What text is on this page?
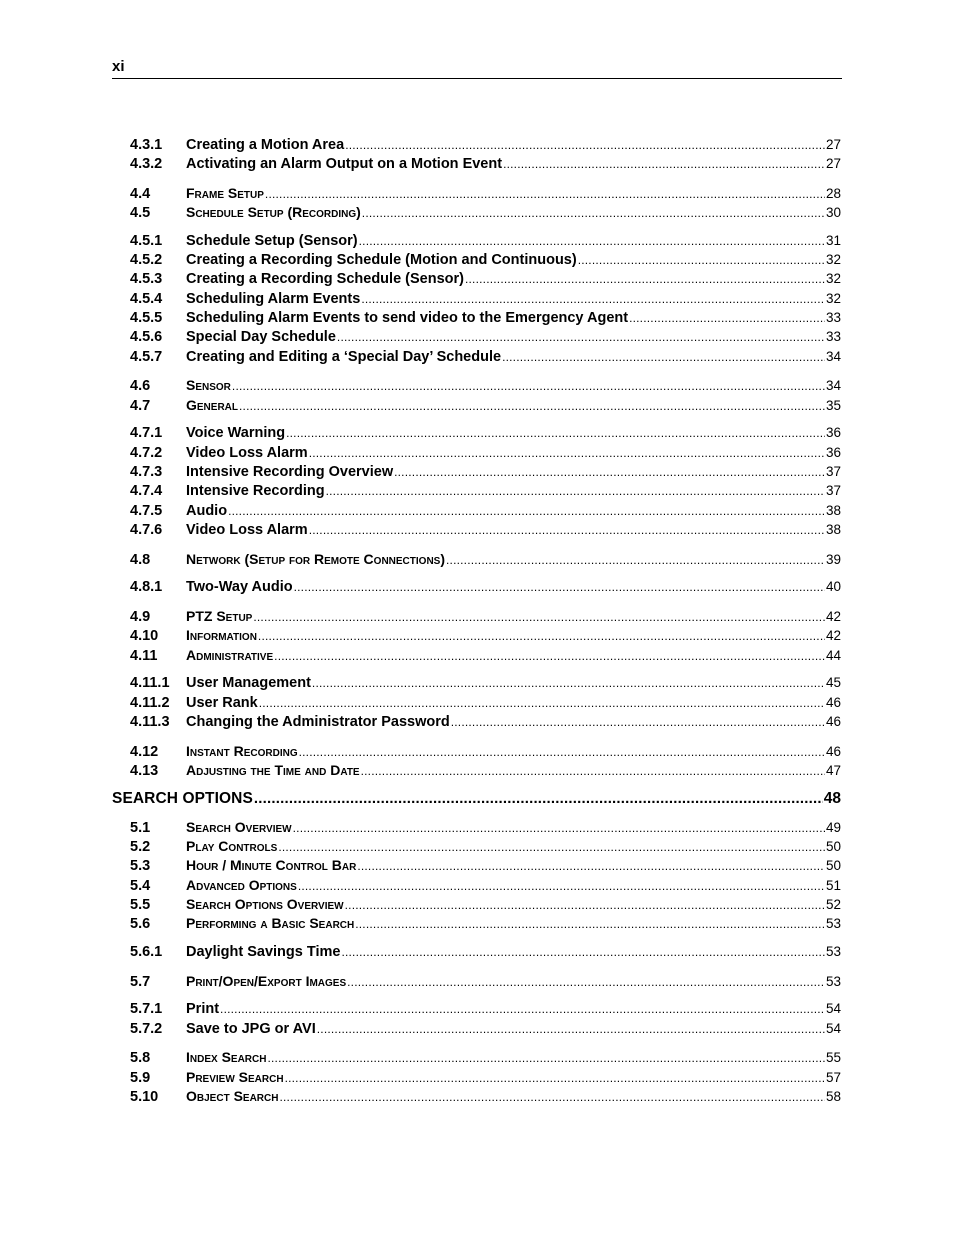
xi
4.3.1	Creating a Motion Area .....	27
4.3.2	Activating an Alarm Output on a Motion Event .....	27
4.4	Frame Setup .....	28
4.5	Schedule Setup (Recording) .....	30
4.5.1	Schedule Setup (Sensor) .....	31
4.5.2	Creating a Recording Schedule (Motion and Continuous) .....	32
4.5.3	Creating a Recording Schedule (Sensor) .....	32
4.5.4	Scheduling Alarm Events .....	32
4.5.5	Scheduling Alarm Events to send video to the Emergency Agent .....	33
4.5.6	Special Day Schedule .....	33
4.5.7	Creating and Editing a ‘Special Day’ Schedule .....	34
4.6	Sensor .....	34
4.7	General .....	35
4.7.1	Voice Warning .....	36
4.7.2	Video Loss Alarm .....	36
4.7.3	Intensive Recording Overview .....	37
4.7.4	Intensive Recording .....	37
4.7.5	Audio .....	38
4.7.6	Video Loss Alarm .....	38
4.8	Network (Setup for Remote Connections) .....	39
4.8.1	Two-Way Audio .....	40
4.9	PTZ Setup .....	42
4.10	Information .....	42
4.11	Administrative .....	44
4.11.1	User Management .....	45
4.11.2	User Rank .....	46
4.11.3	Changing the Administrator Password .....	46
4.12	Instant Recording .....	46
4.13	Adjusting the Time and Date .....	47
SEARCH OPTIONS .....	48
5.1	Search Overview .....	49
5.2	Play Controls .....	50
5.3	Hour / Minute Control Bar .....	50
5.4	Advanced Options .....	51
5.5	Search Options Overview .....	52
5.6	Performing a Basic Search .....	53
5.6.1	Daylight Savings Time .....	53
5.7	Print/Open/Export Images .....	53
5.7.1	Print .....	54
5.7.2	Save to JPG or AVI .....	54
5.8	Index Search .....	55
5.9	Preview Search .....	57
5.10	Object Search .....	58
